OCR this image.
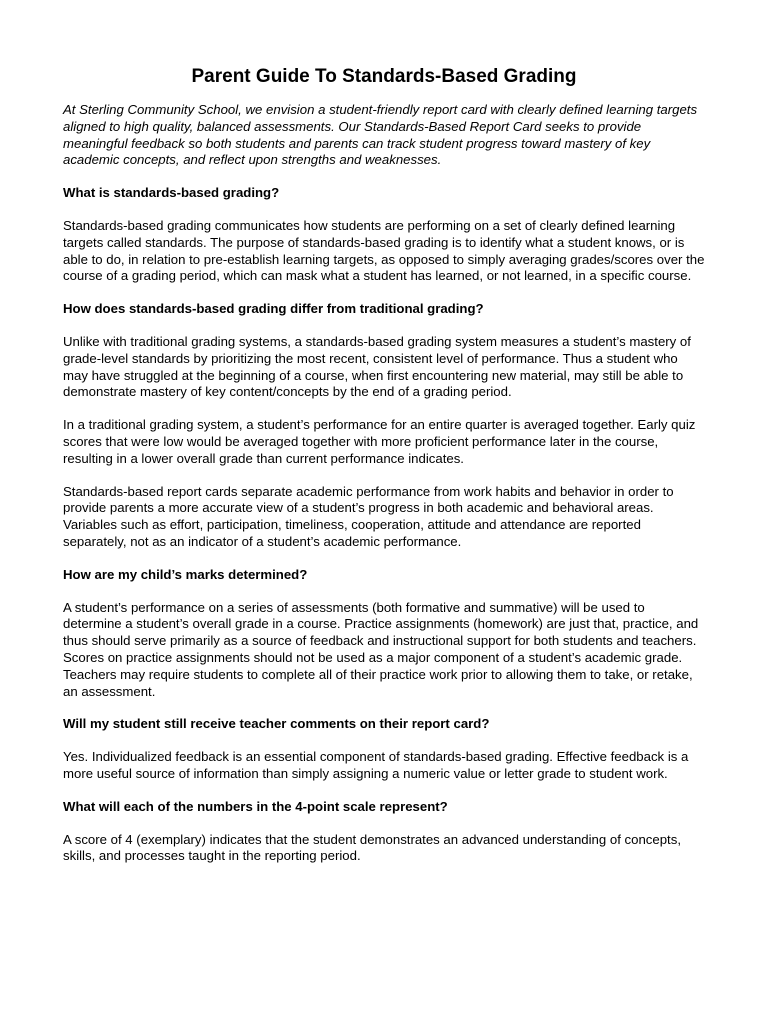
Parent Guide To Standards-Based Grading

At Sterling Community School, we envision a student-friendly report card with clearly defined learning targets aligned to high quality, balanced assessments. Our Standards-Based Report Card seeks to provide meaningful feedback so both students and parents can track student progress toward mastery of key academic concepts, and reflect upon strengths and weaknesses.

What is standards-based grading?

Standards-based grading communicates how students are performing on a set of clearly defined learning targets called standards. The purpose of standards-based grading is to identify what a student knows, or is able to do, in relation to pre-establish learning targets, as opposed to simply averaging grades/scores over the course of a grading period, which can mask what a student has learned, or not learned, in a specific course.

How does standards-based grading differ from traditional grading?

Unlike with traditional grading systems, a standards-based grading system measures a student’s mastery of grade-level standards by prioritizing the most recent, consistent level of performance. Thus a student who may have struggled at the beginning of a course, when first encountering new material, may still be able to demonstrate mastery of key content/concepts by the end of a grading period.

In a traditional grading system, a student’s performance for an entire quarter is averaged together. Early quiz scores that were low would be averaged together with more proficient performance later in the course, resulting in a lower overall grade than current performance indicates.

Standards-based report cards separate academic performance from work habits and behavior in order to provide parents a more accurate view of a student’s progress in both academic and behavioral areas. Variables such as effort, participation, timeliness, cooperation, attitude and attendance are reported separately, not as an indicator of a student’s academic performance.

How are my child’s marks determined?

A student’s performance on a series of assessments (both formative and summative) will be used to determine a student’s overall grade in a course. Practice assignments (homework) are just that, practice, and thus should serve primarily as a source of feedback and instructional support for both students and teachers. Scores on practice assignments should not be used as a major component of a student’s academic grade. Teachers may require students to complete all of their practice work prior to allowing them to take, or retake, an assessment.

Will my student still receive teacher comments on their report card?

Yes. Individualized feedback is an essential component of standards-based grading. Effective feedback is a more useful source of information than simply assigning a numeric value or letter grade to student work.

What will each of the numbers in the 4-point scale represent?

A score of 4 (exemplary) indicates that the student demonstrates an advanced understanding of concepts, skills, and processes taught in the reporting period.
